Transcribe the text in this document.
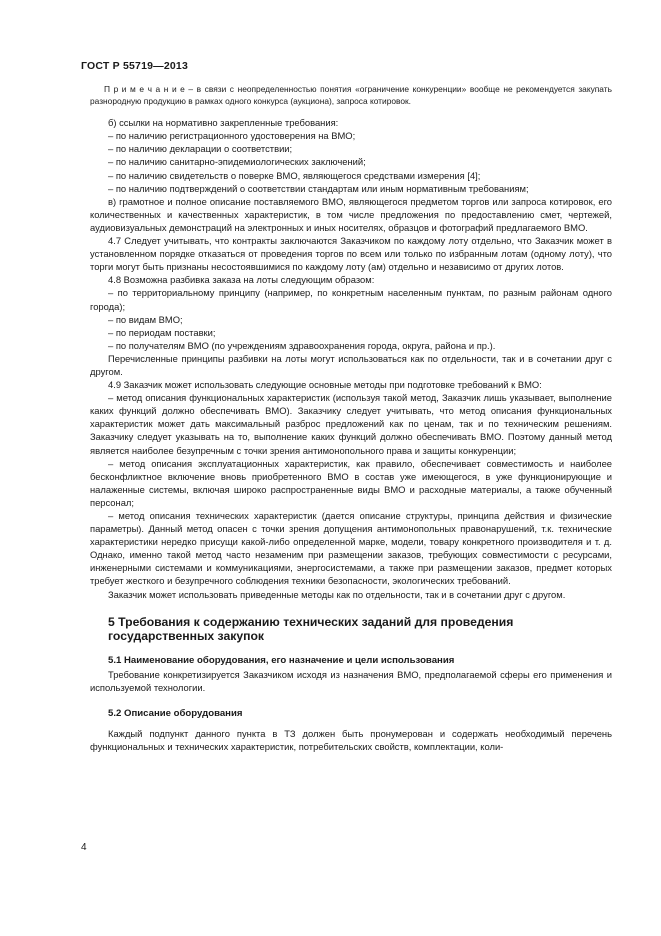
ГОСТ Р 55719—2013

П р и м е ч а н и е – в связи с неопределенностью понятия «ограничение конкуренции» вообще не рекомендуется закупать разнородную продукцию в рамках одного конкурса (аукциона), запроса котировок.

б) ссылки на нормативно закрепленные требования:

– по наличию регистрационного удостоверения на ВМО;

– по наличию декларации о соответствии;

– по наличию санитарно-эпидемиологических заключений;

– по наличию свидетельств о поверке ВМО, являющегося средствами измерения [4];

– по наличию подтверждений о соответствии стандартам или иным нормативным требованиям;

в) грамотное и полное описание поставляемого ВМО, являющегося предметом торгов или запроса котировок, его количественных и качественных характеристик, в том числе предложения по предоставлению смет, чертежей, аудиовизуальных демонстраций на электронных и иных носителях, образцов и фотографий предлагаемого ВМО.

4.7 Следует учитывать, что контракты заключаются Заказчиком по каждому лоту отдельно, что Заказчик может в установленном порядке отказаться от проведения торгов по всем или только по избранным лотам (одному лоту), что торги могут быть признаны несостоявшимися по каждому лоту (ам) отдельно и независимо от других лотов.

4.8 Возможна разбивка заказа на лоты следующим образом:

– по территориальному принципу (например, по конкретным населенным пунктам, по разным районам одного города);

– по видам ВМО;

– по периодам поставки;

– по получателям ВМО (по учреждениям здравоохранения города, округа, района и пр.).

Перечисленные принципы разбивки на лоты могут использоваться как по отдельности, так и в сочетании друг с другом.

4.9 Заказчик может использовать следующие основные методы при подготовке требований к ВМО:

– метод описания функциональных характеристик (используя такой метод, Заказчик лишь указывает, выполнение каких функций должно обеспечивать ВМО). Заказчику следует учитывать, что метод описания функциональных характеристик может дать максимальный разброс предложений как по ценам, так и по техническим решениям. Заказчику следует указывать на то, выполнение каких функций должно обеспечивать ВМО. Поэтому данный метод является наиболее безупречным с точки зрения антимонопольного права и защиты конкуренции;

– метод описания эксплуатационных характеристик, как правило, обеспечивает совместимость и наиболее бесконфликтное включение вновь приобретенного ВМО в состав уже имеющегося, в уже функционирующие и налаженные системы, включая широко распространенные виды ВМО и расходные материалы, а также обученный персонал;

– метод описания технических характеристик (дается описание структуры, принципа действия и физические параметры). Данный метод опасен с точки зрения допущения антимонопольных правонарушений, т.к. технические характеристики нередко присущи какой-либо определенной марке, модели, товару конкретного производителя и т. д. Однако, именно такой метод часто незаменим при размещении заказов, требующих совместимости с ресурсами, инженерными системами и коммуникациями, энергосистемами, а также при размещении заказов, предмет которых требует жесткого и безупречного соблюдения техники безопасности, экологических требований.

Заказчик может использовать приведенные методы как по отдельности, так и в сочетании друг с другом.

5 Требования к содержанию технических заданий для проведения государственных закупок

5.1 Наименование оборудования, его назначение и цели использования

Требование конкретизируется Заказчиком исходя из назначения ВМО, предполагаемой сферы его применения и используемой технологии.

5.2 Описание оборудования

Каждый подпункт данного пункта в ТЗ должен быть пронумерован и содержать необходимый перечень функциональных и технических характеристик, потребительских свойств, комплектации, коли-

4
